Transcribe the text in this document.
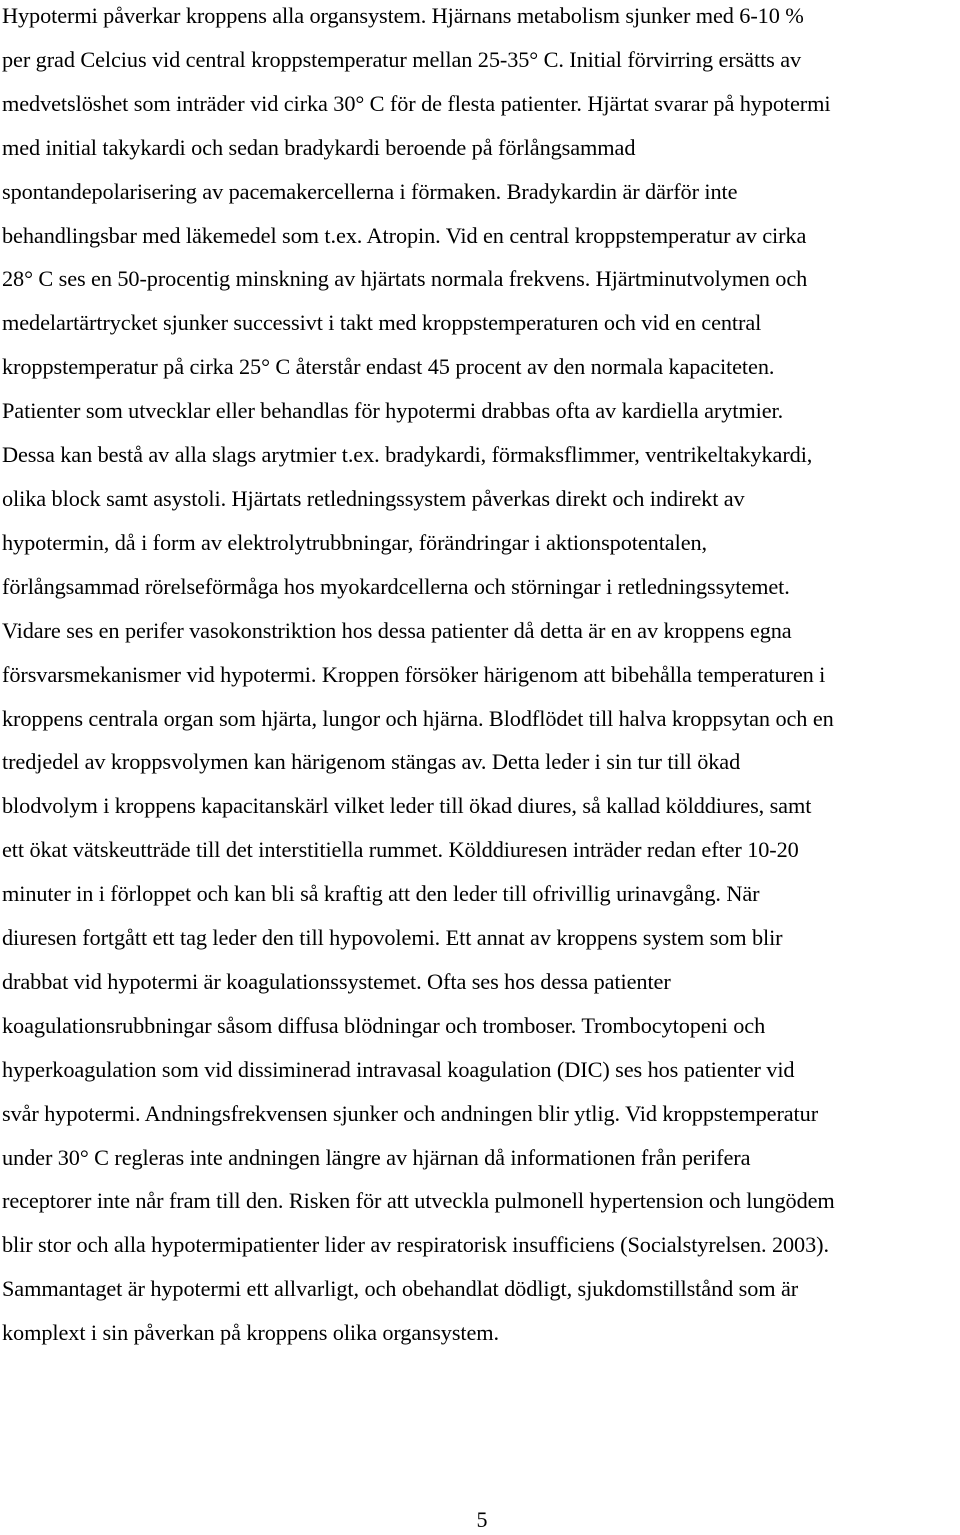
Hypotermi påverkar kroppens alla organsystem. Hjärnans metabolism sjunker med 6-10 %
per grad Celcius vid central kroppstemperatur mellan 25-35° C. Initial förvirring ersätts av
medvetslöshet som inträder vid cirka 30° C för de flesta patienter. Hjärtat svarar på hypotermi
med initial takykardi och sedan bradykardi beroende på förlångsammad
spontandepolarisering av pacemakercellerna i förmaken. Bradykardin är därför inte
behandlingsbar med läkemedel som t.ex. Atropin. Vid en central kroppstemperatur av cirka
28° C ses en 50-procentig minskning av hjärtats normala frekvens. Hjärtminutvolymen och
medelartärtrycket sjunker successivt i takt med kroppstemperaturen och vid en central
kroppstemperatur på cirka 25° C återstår endast 45 procent av den normala kapaciteten.
Patienter som utvecklar eller behandlas för hypotermi drabbas ofta av kardiella arytmier.
Dessa kan bestå av alla slags arytmier t.ex. bradykardi, förmaksflimmer, ventrikeltakykardi,
olika block samt asystoli. Hjärtats retledningssystem påverkas direkt och indirekt av
hypotermin, då i form av elektrolytrubbningar, förändringar i aktionspotentalen,
förlångsammad rörelseförmåga hos myokardcellerna och störningar i retledningssytemet.
Vidare ses en perifer vasokonstriktion hos dessa patienter då detta är en av kroppens egna
försvarsmekanismer vid hypotermi. Kroppen försöker härigenom att bibehålla temperaturen i
kroppens centrala organ som hjärta, lungor och hjärna. Blodflödet till halva kroppsytan och en
tredjedel av kroppsvolymen kan härigenom stängas av. Detta leder i sin tur till ökad
blodvolym i kroppens kapacitanskärl vilket leder till ökad diures, så kallad kölddiures, samt
ett ökat vätskeutträde till det interstitiella rummet. Kölddiuresen inträder redan efter 10-20
minuter in i förloppet och kan bli så kraftig att den leder till ofrivillig urinavgång. När
diuresen fortgått ett tag leder den till hypovolemi. Ett annat av kroppens system som blir
drabbat vid hypotermi är koagulationssystemet. Ofta ses hos dessa patienter
koagulationsrubbningar såsom diffusa blödningar och tromboser. Trombocytopeni och
hyperkoagulation som vid dissiminerad intravasal koagulation (DIC) ses hos patienter vid
svår hypotermi. Andningsfrekvensen sjunker och andningen blir ytlig. Vid kroppstemperatur
under 30° C regleras inte andningen längre av hjärnan då informationen från perifera
receptorer inte når fram till den. Risken för att utveckla pulmonell hypertension och lungödem
blir stor och alla hypotermipatienter lider av respiratorisk insufficiens (Socialstyrelsen. 2003).
Sammantaget är hypotermi ett allvarligt, och obehandlat dödligt, sjukdomstillstånd som är
komplext i sin påverkan på kroppens olika organsystem.
5
